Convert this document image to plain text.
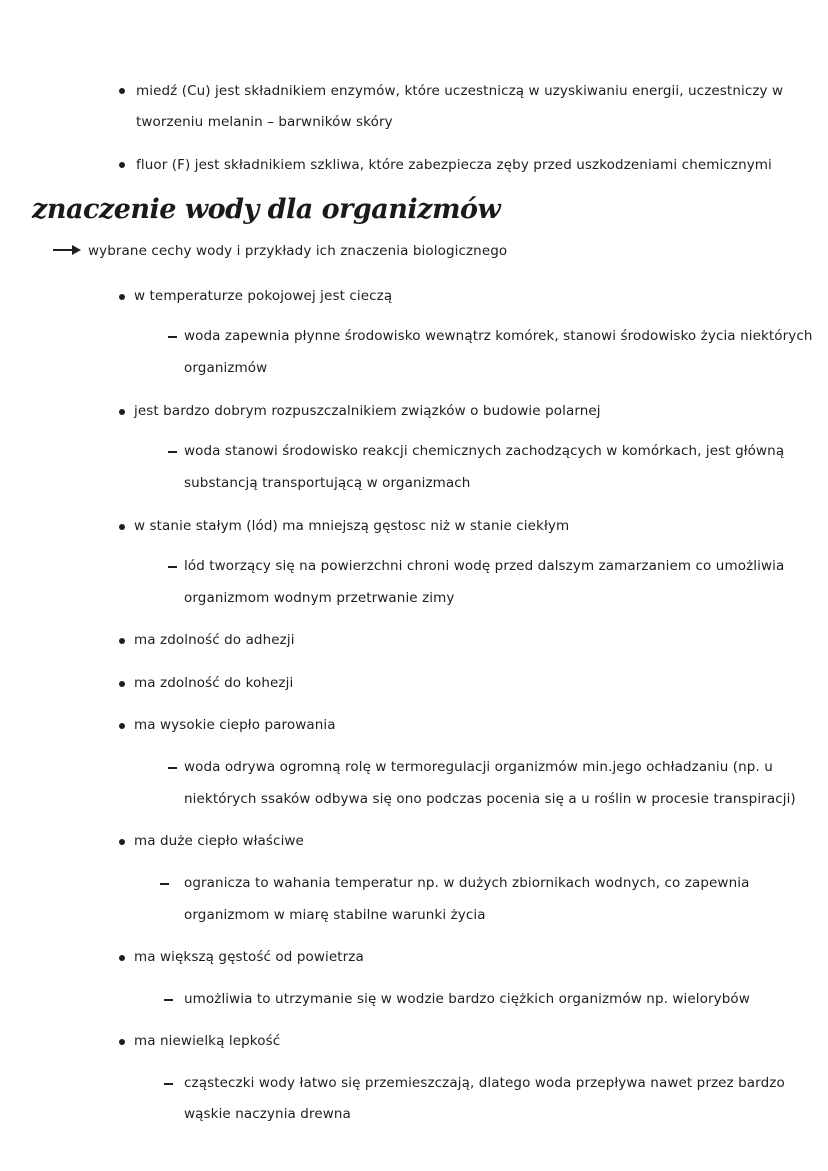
miedź (Cu) jest składnikiem enzymów, które uczestniczą w uzyskiwaniu energii, uczestniczy w
tworzeniu melanin – barwników skóry
fluor (F) jest składnikiem szkliwa, które zabezpiecza zęby przed uszkodzeniami chemicznymi
znaczenie wody dla organizmów
wybrane cechy wody i przykłady ich znaczenia biologicznego
w temperaturze pokojowej jest cieczą
woda zapewnia płynne środowisko wewnątrz komórek, stanowi środowisko życia niektórych
organizmów
jest bardzo dobrym rozpuszczalnikiem związków o budowie polarnej
woda stanowi środowisko reakcji chemicznych zachodzących w komórkach, jest główną
substancją transportującą w organizmach
w stanie stałym (lód) ma mniejszą gęstosc niż w stanie ciekłym
lód tworzący się na powierzchni chroni wodę przed dalszym zamarzaniem co umożliwia
organizmom wodnym przetrwanie zimy
ma zdolność do adhezji
ma zdolność do kohezji
ma wysokie ciepło parowania
woda odrywa ogromną rolę w termoregulacji organizmów min.jego ochładzaniu (np. u
niektórych ssaków odbywa się ono podczas pocenia się a u roślin w procesie transpiracji)
ma duże ciepło właściwe
ogranicza to wahania temperatur np. w dużych zbiornikach wodnych, co zapewnia
organizmom w miarę stabilne warunki życia
ma większą gęstość od powietrza
umożliwia to utrzymanie się w wodzie bardzo ciężkich organizmów np. wielorybów
ma niewielką lepkość
cząsteczki wody łatwo się przemieszczają, dlatego woda przepływa nawet przez bardzo
wąskie naczynia drewna
